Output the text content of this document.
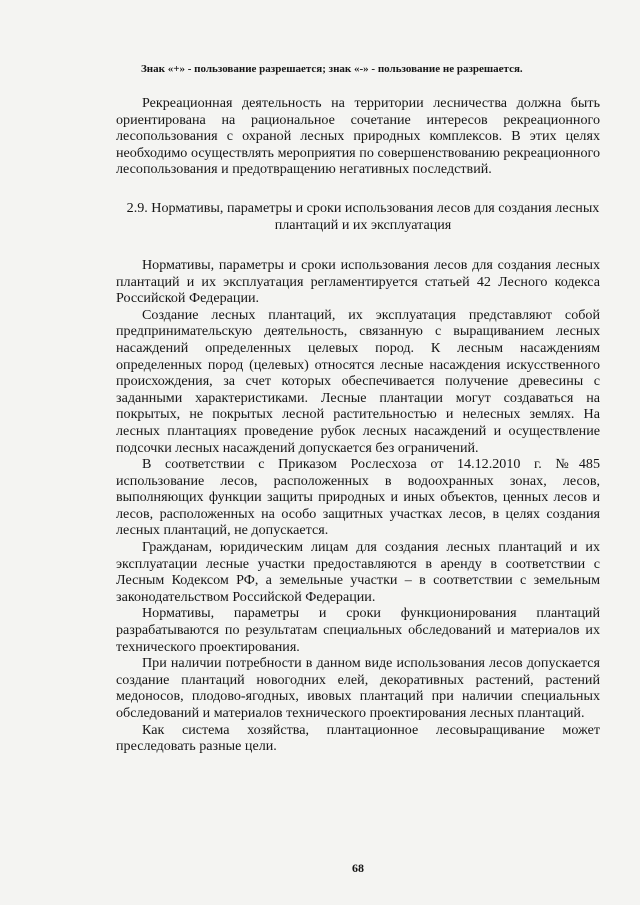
Знак «+» - пользование разрешается; знак «-» - пользование не разрешается.

Рекреационная деятельность на территории лесничества должна быть ориентирована на рациональное сочетание интересов рекреационного лесопользования с охраной лесных природных комплексов. В этих целях необходимо осуществлять мероприятия по совершенствованию рекреационного лесопользования и предотвращению негативных последствий.

2.9. Нормативы, параметры и сроки использования лесов для создания лесных плантаций и их эксплуатация

Нормативы, параметры и сроки использования лесов для создания лесных плантаций и их эксплуатация регламентируется статьей 42 Лесного кодекса Российской Федерации.

Создание лесных плантаций, их эксплуатация представляют собой предпринимательскую деятельность, связанную с выращиванием лесных насаждений определенных целевых пород. К лесным насаждениям определенных пород (целевых) относятся лесные насаждения искусственного происхождения, за счет которых обеспечивается получение древесины с заданными характеристиками. Лесные плантации могут создаваться на покрытых, не покрытых лесной растительностью и нелесных землях. На лесных плантациях проведение рубок лесных насаждений и осуществление подсочки лесных насаждений допускается без ограничений.

В соответствии с Приказом Рослесхоза от 14.12.2010 г. №485 использование лесов, расположенных в водоохранных зонах, лесов, выполняющих функции защиты природных и иных объектов, ценных лесов и лесов, расположенных на особо защитных участках лесов, в целях создания лесных плантаций, не допускается.

Гражданам, юридическим лицам для создания лесных плантаций и их эксплуатации лесные участки предоставляются в аренду в соответствии с Лесным Кодексом РФ, а земельные участки – в соответствии с земельным законодательством Российской Федерации.

Нормативы, параметры и сроки функционирования плантаций разрабатываются по результатам специальных обследований и материалов их технического проектирования.

При наличии потребности в данном виде использования лесов допускается создание плантаций новогодних елей, декоративных растений, растений медоносов, плодово-ягодных, ивовых плантаций при наличии специальных обследований и материалов технического проектирования лесных плантаций.

Как система хозяйства, плантационное лесовыращивание может преследовать разные цели.

68
